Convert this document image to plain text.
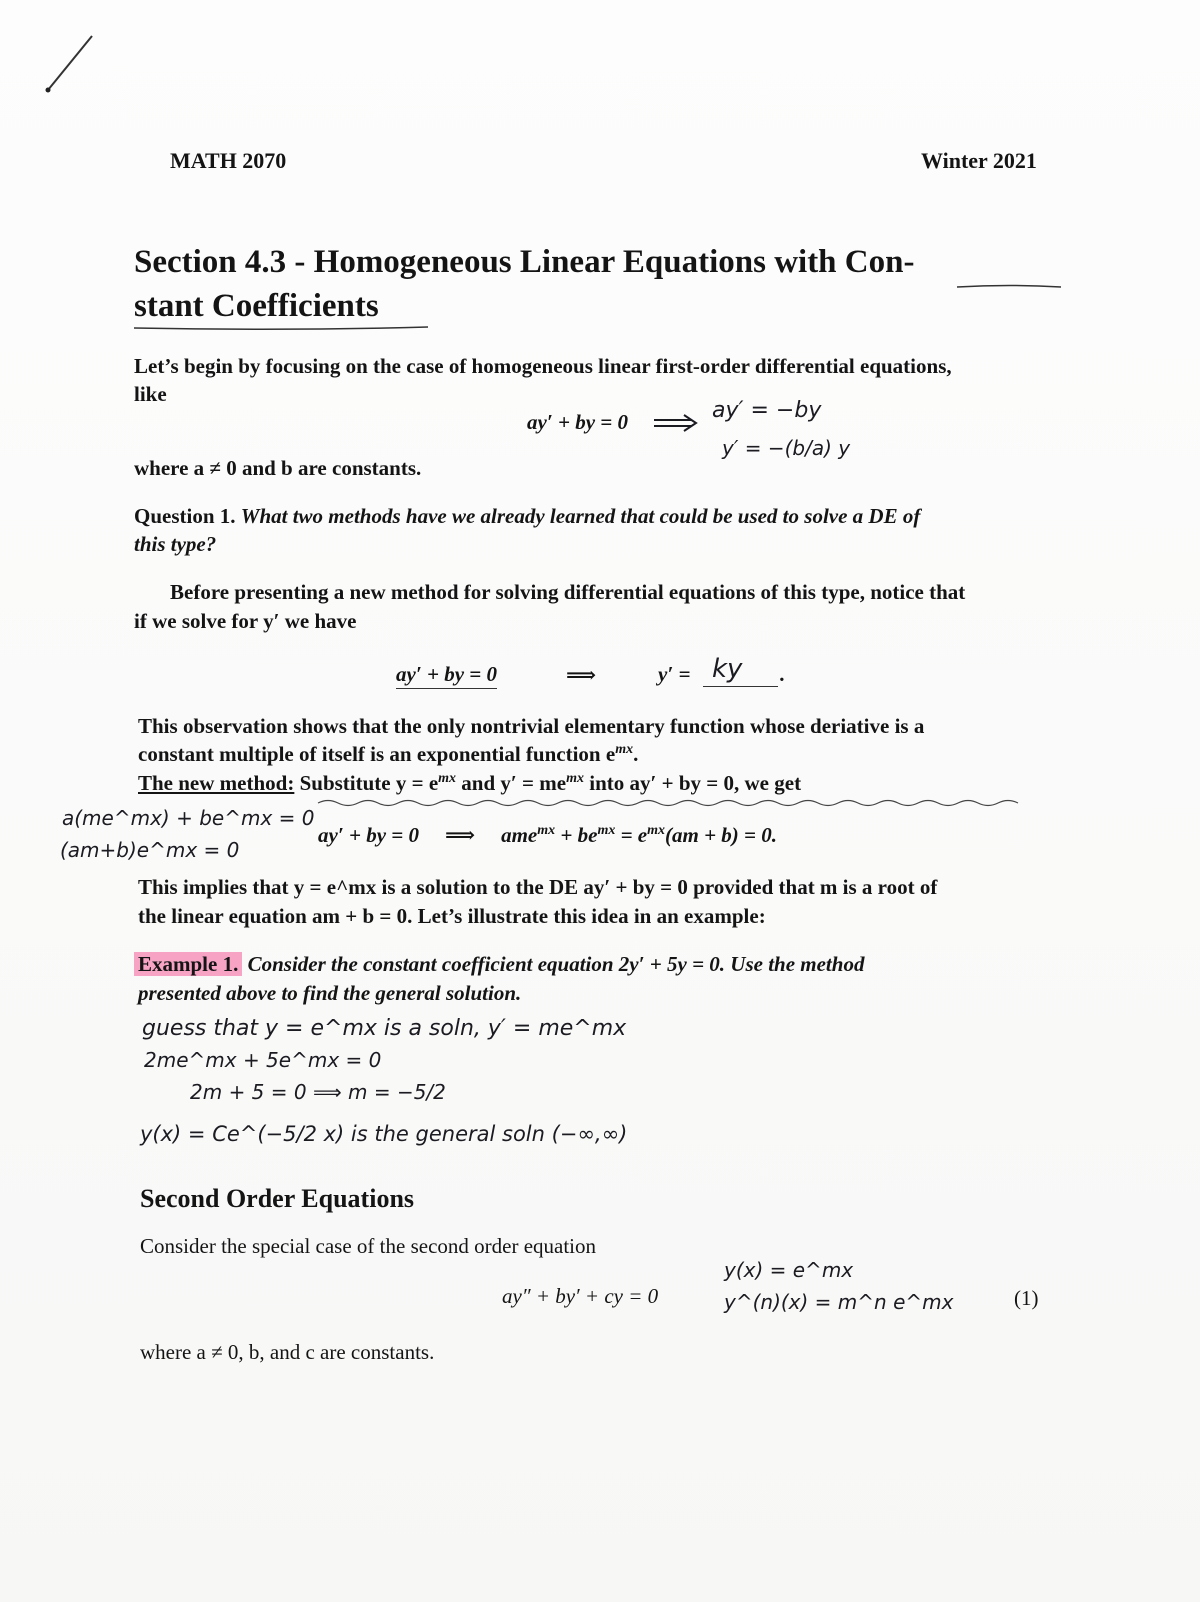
MATH 2070	Winter 2021
Section 4.3 - Homogeneous Linear Equations with Con-
stant Coefficients
Let’s begin by focusing on the case of homogeneous linear first-order differential equations,
like
ay′ + by = 0
where a ≠ 0 and b are constants.
ay′ = −by
y′ = −(b/a) y
Question 1. What two methods have we already learned that could be used to solve a DE of
this type?
Before presenting a new method for solving differential equations of this type, notice that
if we solve for y′ we have
ay′ + by = 0	⟹	y′ = ky .
This observation shows that the only nontrivial elementary function whose deriative is a
constant multiple of itself is an exponential function $e^{mx}$.
The new method: Substitute $y = e^{mx}$ and $y' = me^{mx}$ into ay′ + by = 0, we get
a(me^mx) + be^mx = 0
(am+b)e^mx = 0
ay′ + by = 0 ⟹ $ame^{mx} + be^{mx} = e^{mx}(am + b) = 0$.
This implies that y = e^mx is a solution to the DE ay′ + by = 0 provided that m is a root of
the linear equation am + b = 0. Let’s illustrate this idea in an example:
Example 1. Consider the constant coefficient equation 2y′ + 5y = 0. Use the method
presented above to find the general solution.
guess that y = e^mx is a soln, y′ = me^mx
2me^mx + 5e^mx = 0
2m + 5 = 0 ⟹ m = −5/2
y(x) = Ce^(−5/2 x) is the general soln (−∞,∞)
Second Order Equations
Consider the special case of the second order equation
ay″ + by′ + cy = 0	(1)
y(x) = e^mx
y^(n)(x) = m^n e^mx
where a ≠ 0, b, and c are constants.
